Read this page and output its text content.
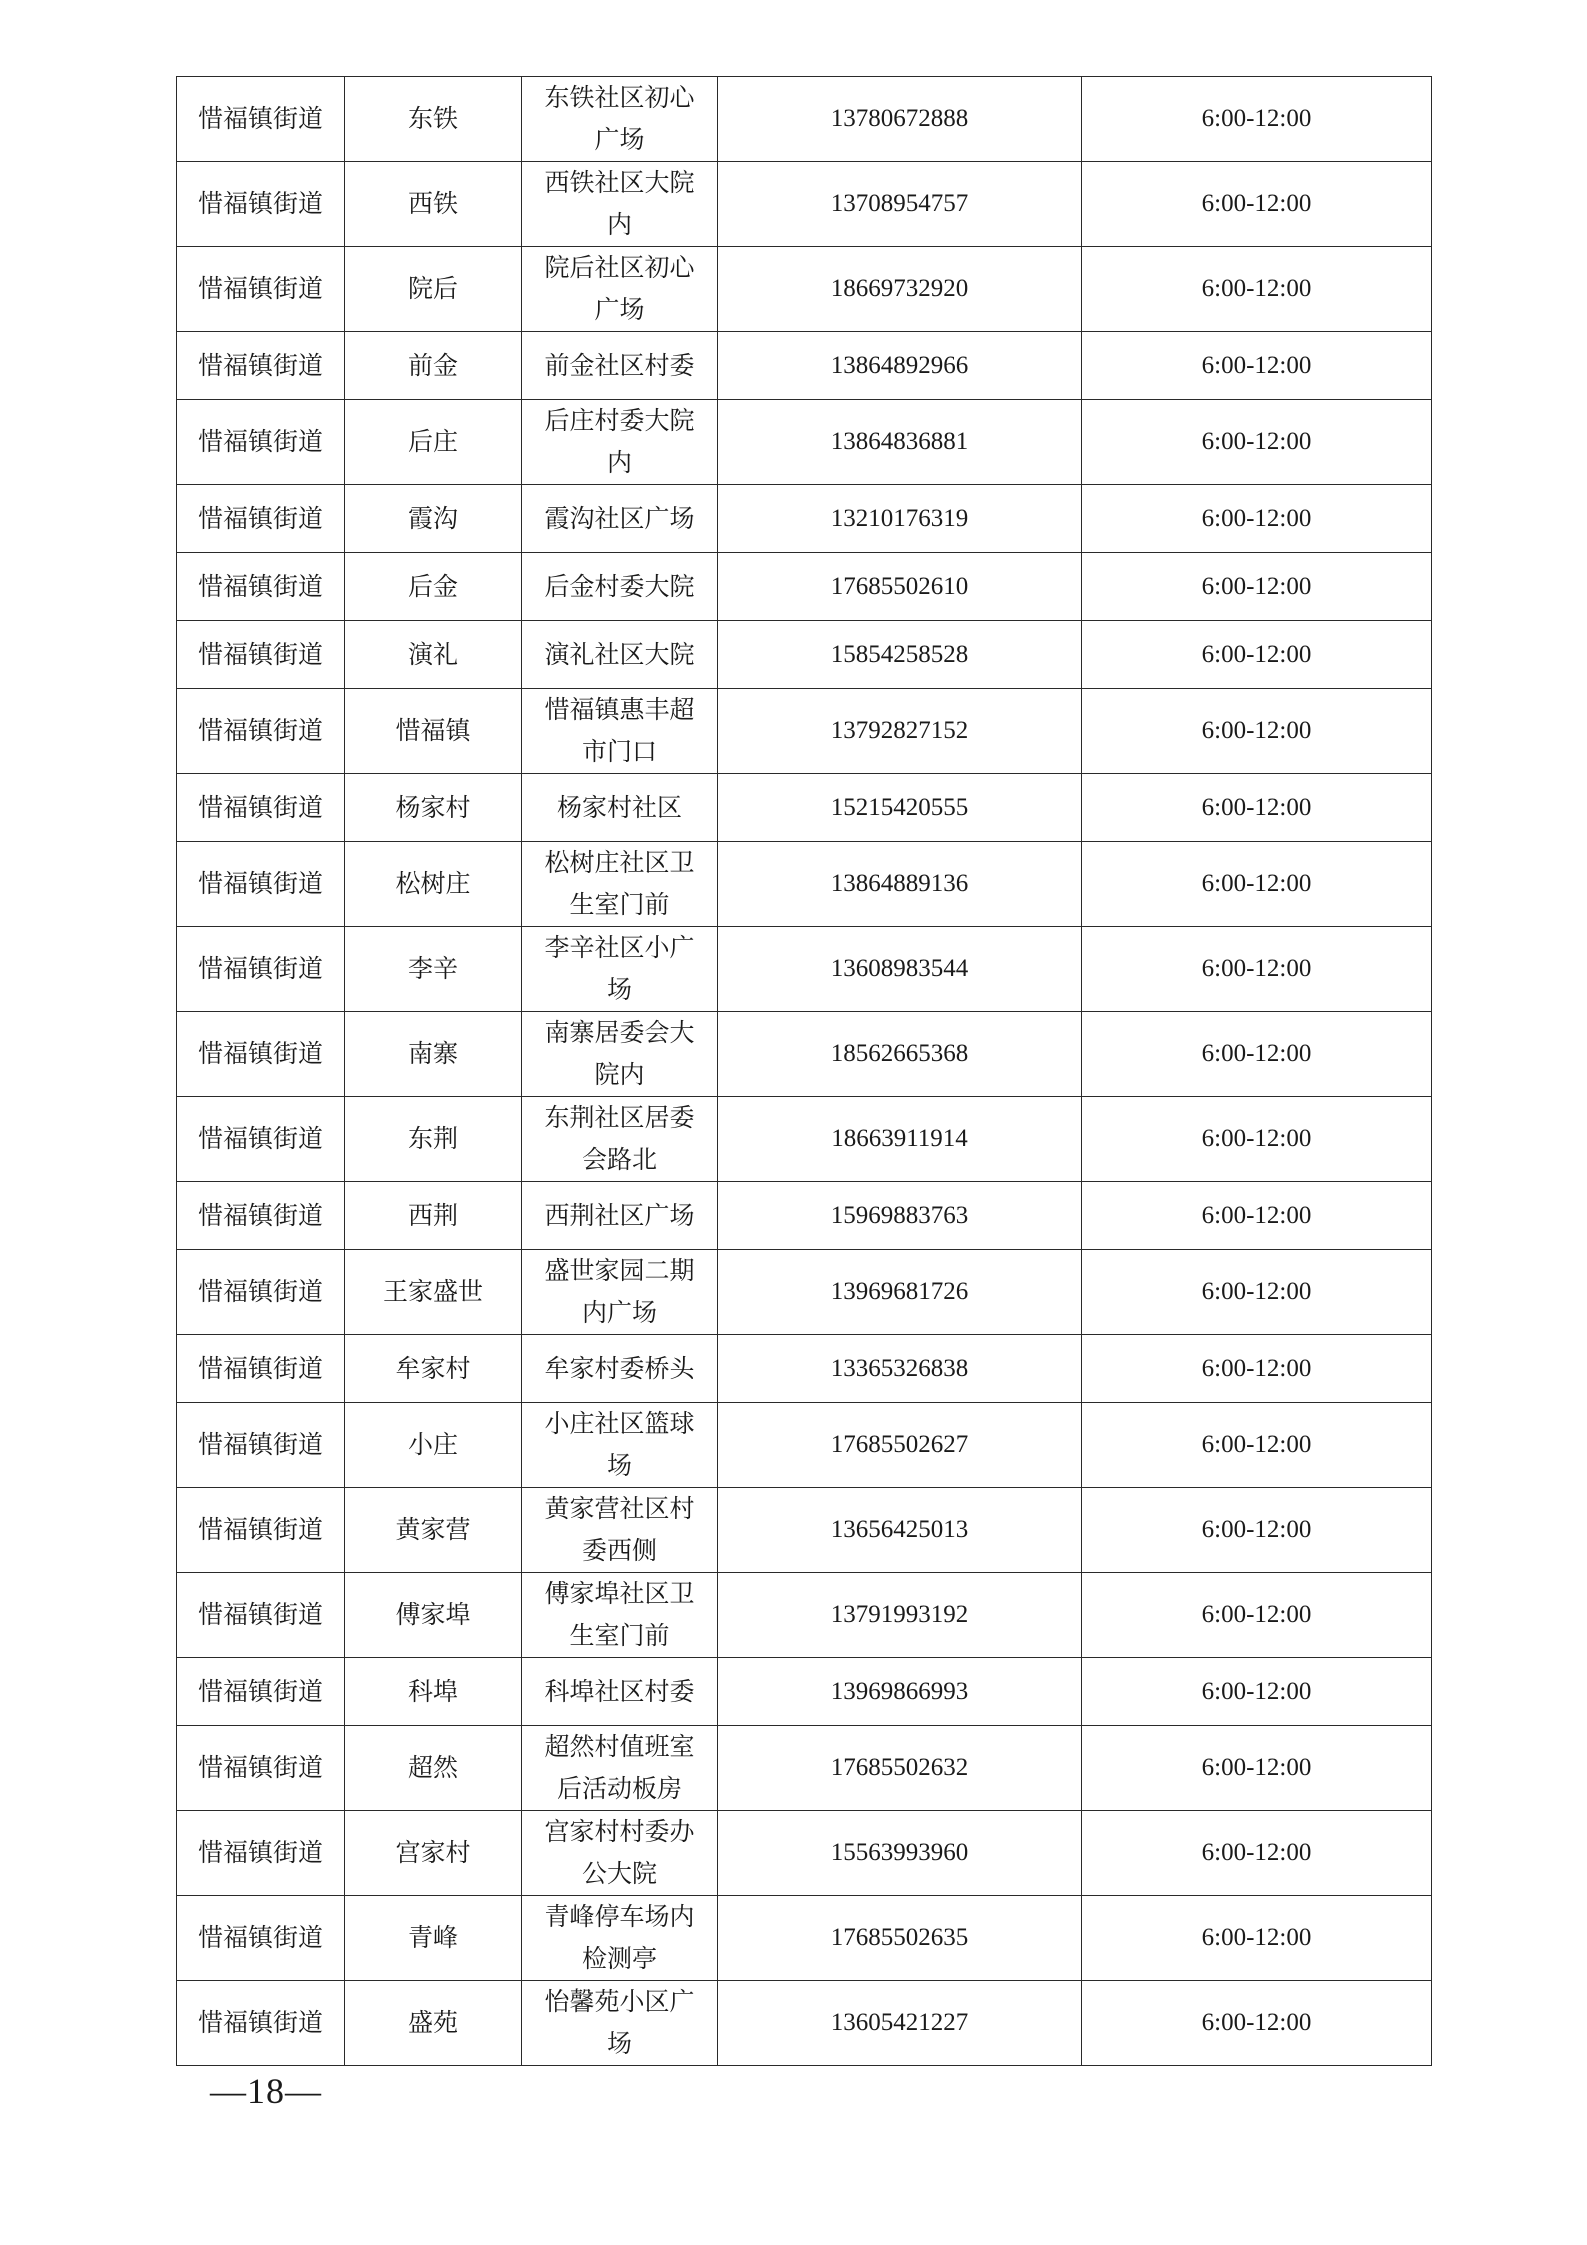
惜福镇街道	东铁	东铁社区初心广场	13780672888	6:00-12:00
惜福镇街道	西铁	西铁社区大院内	13708954757	6:00-12:00
惜福镇街道	院后	院后社区初心广场	18669732920	6:00-12:00
惜福镇街道	前金	前金社区村委	13864892966	6:00-12:00
惜福镇街道	后庄	后庄村委大院内	13864836881	6:00-12:00
惜福镇街道	霞沟	霞沟社区广场	13210176319	6:00-12:00
惜福镇街道	后金	后金村委大院	17685502610	6:00-12:00
惜福镇街道	演礼	演礼社区大院	15854258528	6:00-12:00
惜福镇街道	惜福镇	惜福镇惠丰超市门口	13792827152	6:00-12:00
惜福镇街道	杨家村	杨家村社区	15215420555	6:00-12:00
惜福镇街道	松树庄	松树庄社区卫生室门前	13864889136	6:00-12:00
惜福镇街道	李辛	李辛社区小广场	13608983544	6:00-12:00
惜福镇街道	南寨	南寨居委会大院内	18562665368	6:00-12:00
惜福镇街道	东荆	东荆社区居委会路北	18663911914	6:00-12:00
惜福镇街道	西荆	西荆社区广场	15969883763	6:00-12:00
惜福镇街道	王家盛世	盛世家园二期内广场	13969681726	6:00-12:00
惜福镇街道	牟家村	牟家村委桥头	13365326838	6:00-12:00
惜福镇街道	小庄	小庄社区篮球场	17685502627	6:00-12:00
惜福镇街道	黄家营	黄家营社区村委西侧	13656425013	6:00-12:00
惜福镇街道	傅家埠	傅家埠社区卫生室门前	13791993192	6:00-12:00
惜福镇街道	科埠	科埠社区村委	13969866993	6:00-12:00
惜福镇街道	超然	超然村值班室后活动板房	17685502632	6:00-12:00
惜福镇街道	宫家村	宫家村村委办公大院	15563993960	6:00-12:00
惜福镇街道	青峰	青峰停车场内检测亭	17685502635	6:00-12:00
惜福镇街道	盛苑	怡馨苑小区广场	13605421227	6:00-12:00
—18—
